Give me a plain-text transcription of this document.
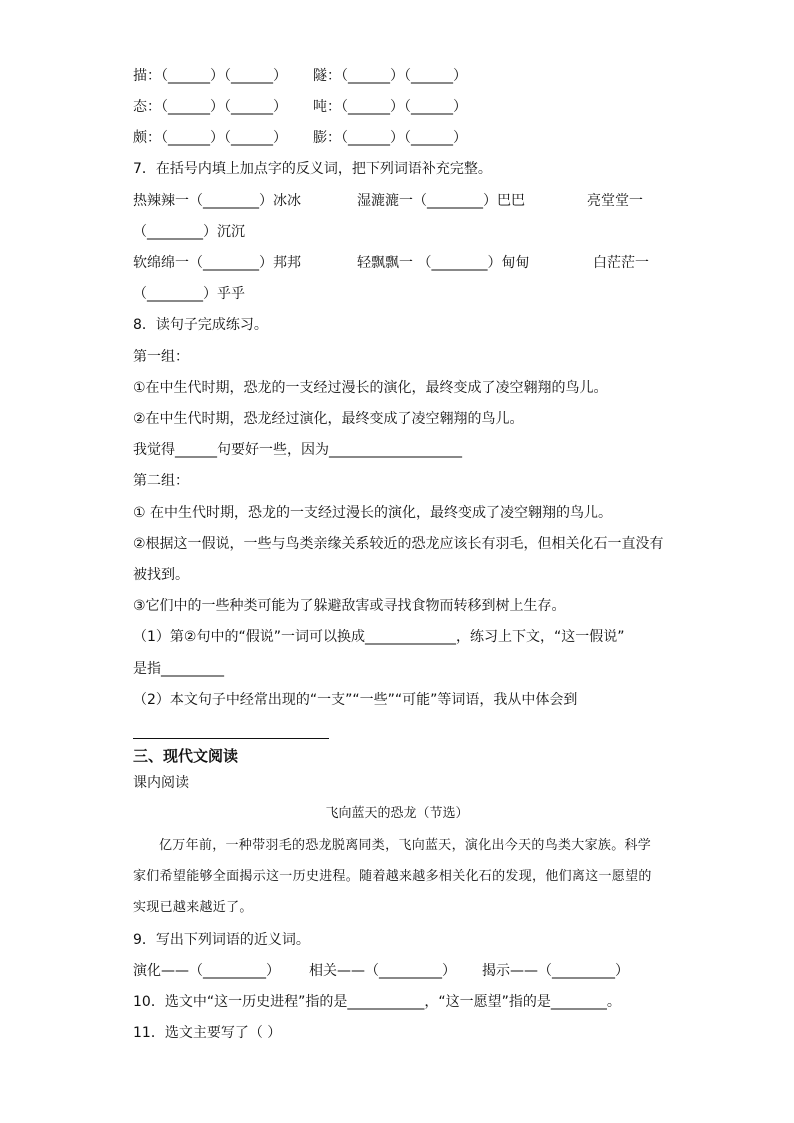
描：（______）（______） 隧：（______）（______）
态：（______）（______） 吨：（______）（______）
颇：（______）（______） 膨：（______）（______）
7．在括号内填上加点字的反义词，把下列词语补充完整。
热辣辣一（________）冰冰	湿漉漉一（________）巴巴	亮堂堂一
（________）沉沉
软绵绵一（________）邦邦	轻飘飘一 （________）甸甸	白茫茫一
（________）乎乎
8．读句子完成练习。
第一组：
①在中生代时期，恐龙的一支经过漫长的演化，最终变成了凌空翱翔的鸟儿。
②在中生代时期，恐龙经过演化，最终变成了凌空翱翔的鸟儿。
我觉得______句要好一些，因为___________________
第二组：
① 在中生代时期，恐龙的一支经过漫长的演化，最终变成了凌空翱翔的鸟儿。
②根据这一假说，一些与鸟类亲缘关系较近的恐龙应该长有羽毛，但相关化石一直没有
被找到。
③它们中的一些种类可能为了躲避敌害或寻找食物而转移到树上生存。
（1）第②句中的“假说”一词可以换成_____________，练习上下文，“这一假说”
是指_________
（2）本文句子中经常出现的“一支”“一些”“可能”等词语，我从中体会到
三、现代文阅读
课内阅读
飞向蓝天的恐龙（节选）
亿万年前，一种带羽毛的恐龙脱离同类，飞向蓝天，演化出今天的鸟类大家族。科学家们希望能够全面揭示这一历史进程。随着越来越多相关化石的发现，他们离这一愿望的实现已越来越近了。
9．写出下列词语的近义词。
演化——（_________） 相关——（_________） 揭示——（_________）
10．选文中“这一历史进程”指的是___________，“这一愿望”指的是________。
11．选文主要写了（ ）
